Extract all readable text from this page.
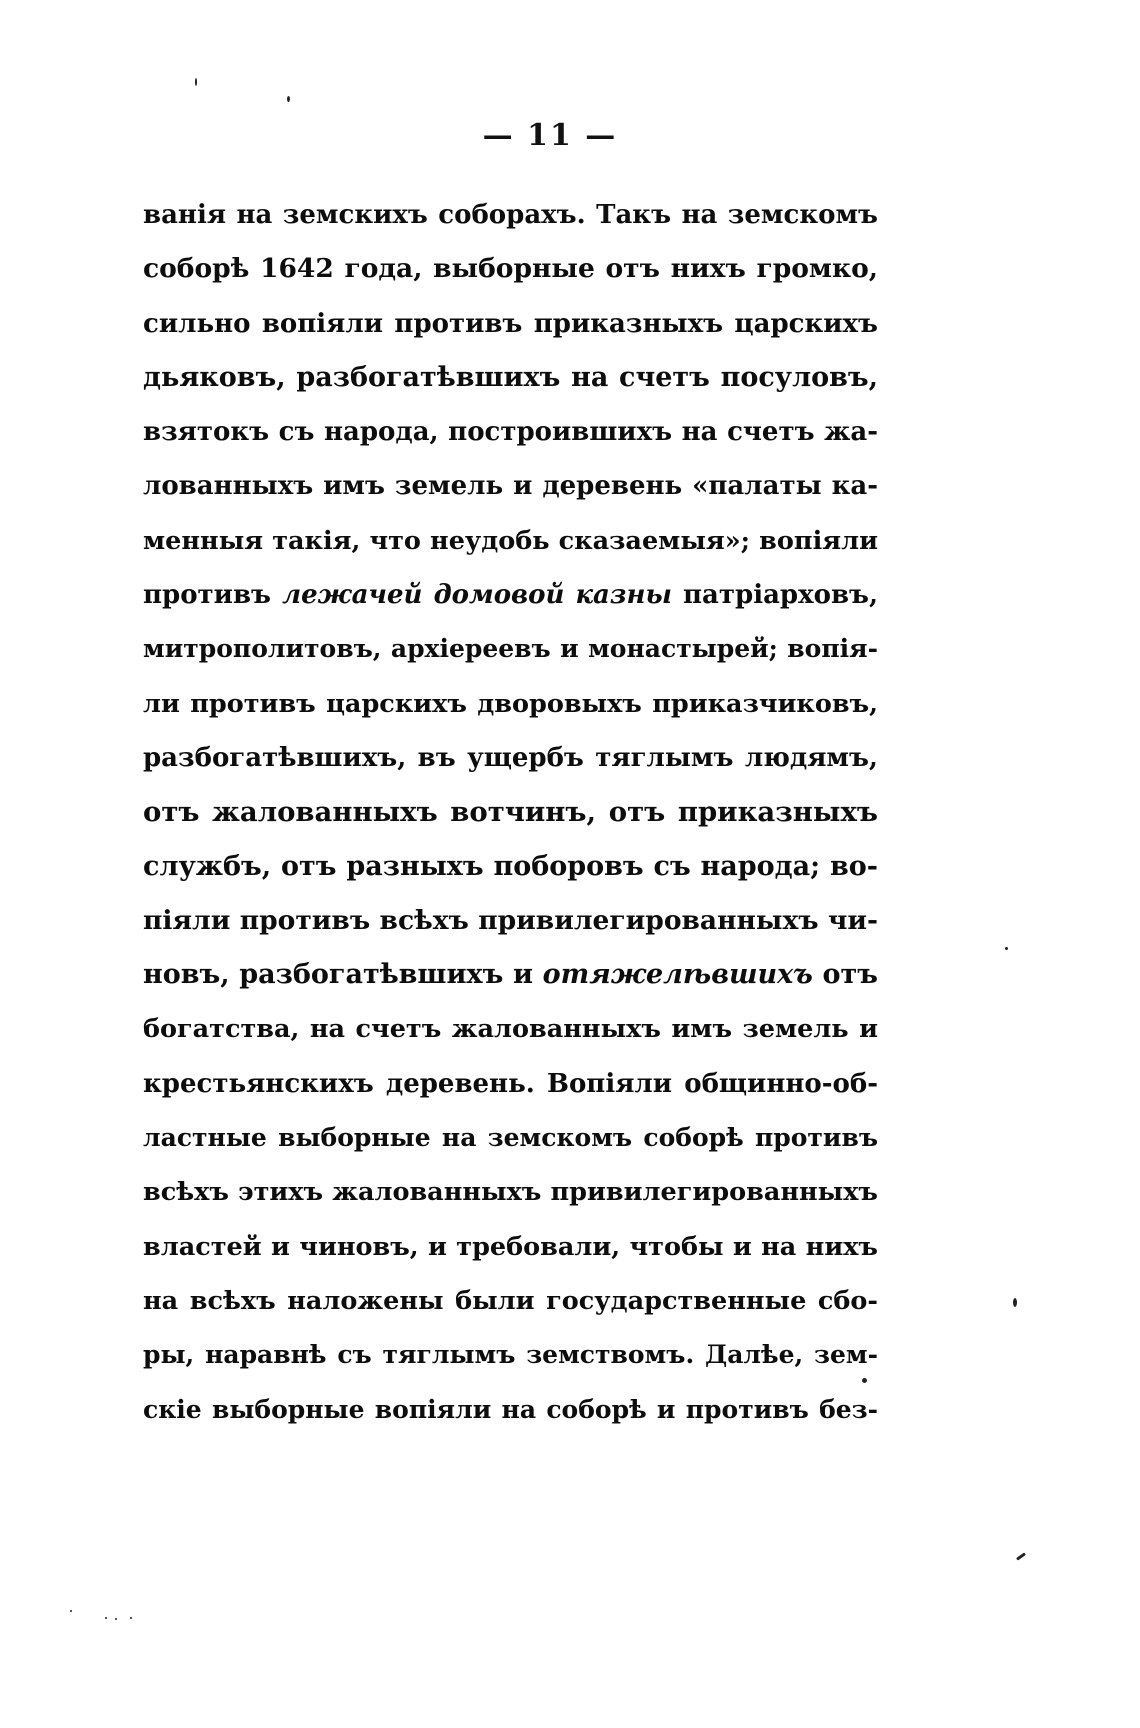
— 11 —
ванія на земскихъ соборахъ. Такъ на земскомъ
соборѣ 1642 года, выборные отъ нихъ громко,
сильно вопіяли противъ приказныхъ царскихъ
дьяковъ, разбогатѣвшихъ на счетъ посуловъ,
взятокъ съ народа, построившихъ на счетъ жа-
лованныхъ имъ земель и деревень «палаты ка-
менныя такія, что неудобь сказаемыя»; вопіяли
противъ лежачей домовой казны патріарховъ,
митрополитовъ, архіереевъ и монастырей; вопія-
ли противъ царскихъ дворовыхъ приказчиковъ,
разбогатѣвшихъ, въ ущербъ тяглымъ людямъ,
отъ жалованныхъ вотчинъ, отъ приказныхъ
службъ, отъ разныхъ поборовъ съ народа; во-
піяли противъ всѣхъ привилегированныхъ чи-
новъ, разбогатѣвшихъ и отяжелѣвшихъ отъ
богатства, на счетъ жалованныхъ имъ земель и
крестьянскихъ деревень. Вопіяли общинно-об-
ластные выборные на земскомъ соборѣ противъ
всѣхъ этихъ жалованныхъ привилегированныхъ
властей и чиновъ, и требовали, чтобы и на нихъ
на всѣхъ наложены были государственные сбо-
ры, наравнѣ съ тяглымъ земствомъ. Далѣе, зем-
скіе выборные вопіяли на соборѣ и противъ без-
